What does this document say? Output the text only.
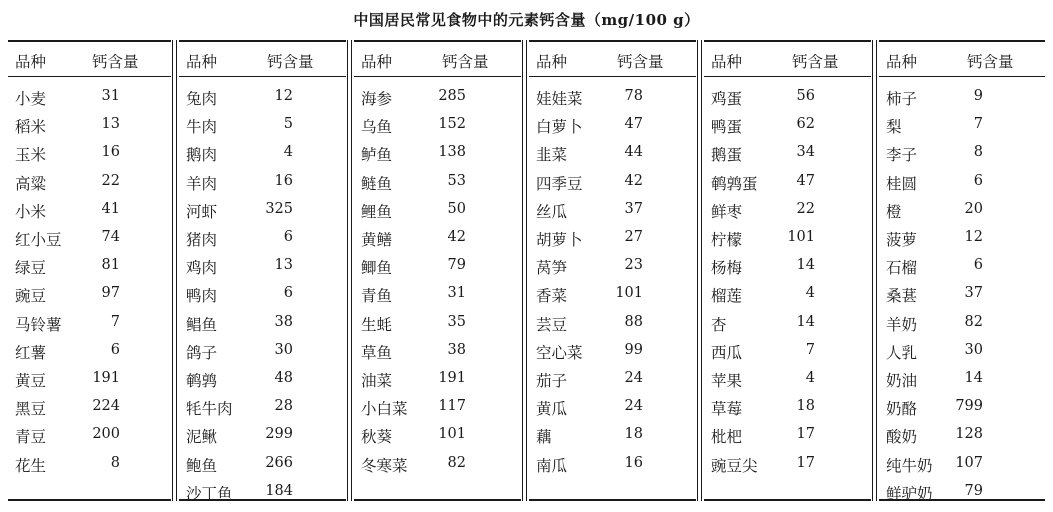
中国居民常见食物中的元素钙含量（mg/100 g）
品种	钙含量
小麦	31
稻米	13
玉米	16
高粱	22
小米	41
红小豆	74
绿豆	81
豌豆	97
马铃薯	7
红薯	6
黄豆	191
黑豆	224
青豆	200
花生	8
品种	钙含量
兔肉	12
牛肉	5
鹅肉	4
羊肉	16
河虾	325
猪肉	6
鸡肉	13
鸭肉	6
鲳鱼	38
鸽子	30
鹌鹑	48
牦牛肉	28
泥鳅	299
鲍鱼	266
沙丁鱼 184
品种	钙含量
海参	285
乌鱼	152
鲈鱼	138
鲢鱼	53
鲤鱼	50
黄鳝	42
鲫鱼	79
青鱼	31
生蚝	35
草鱼	38
油菜	191
小白菜 117
秋葵	101
冬寒菜	82
品种	钙含量
娃娃菜	78
白萝卜	47
韭菜	44
四季豆	42
丝瓜	37
胡萝卜	27
莴笋	23
香菜	101
芸豆	88
空心菜	99
茄子	24
黄瓜	24
藕	18
南瓜	16
品种	钙含量
鸡蛋	56
鸭蛋	62
鹅蛋	34
鹌鹑蛋	47
鲜枣	22
柠檬	101
杨梅	14
榴莲	4
杏	14
西瓜	7
苹果	4
草莓	18
枇杷	17
豌豆尖	17
品种	钙含量
柿子	9
梨	7
李子	8
桂圆	6
橙	20
菠萝	12
石榴	6
桑葚	37
羊奶	82
人乳	30
奶油	14
奶酪	799
酸奶	128
纯牛奶 107
鲜驴奶 79
